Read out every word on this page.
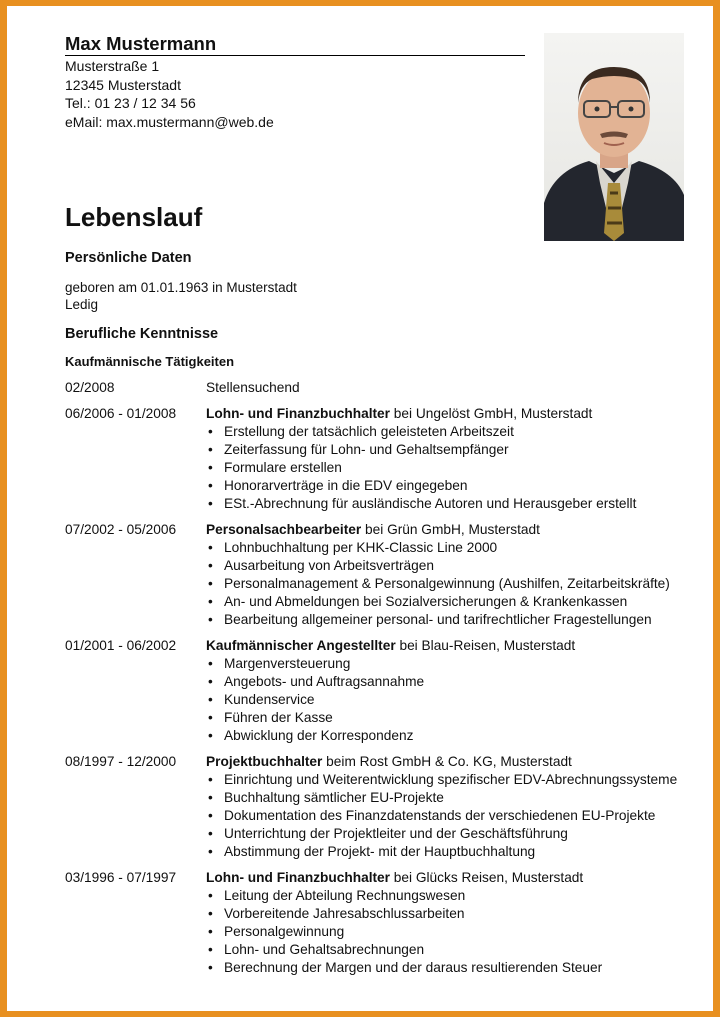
Max Mustermann
Musterstraße 1
12345 Musterstadt
Tel.: 01 23 / 12 34 56
eMail: max.mustermann@web.de
Lebenslauf
Persönliche Daten
geboren am 01.01.1963 in Musterstadt
Ledig
Berufliche Kenntnisse
Kaufmännische Tätigkeiten
02/2008	Stellensuchend
06/2006 - 01/2008 Lohn- und Finanzbuchhalter bei Ungelöst GmbH, Musterstadt
• Erstellung der tatsächlich geleisteten Arbeitszeit
• Zeiterfassung für Lohn- und Gehaltsempfänger
• Formulare erstellen
• Honorarverträge in die EDV eingegeben
• ESt.-Abrechnung für ausländische Autoren und Herausgeber erstellt
07/2002 - 05/2006 Personalsachbearbeiter bei Grün GmbH, Musterstadt
• Lohnbuchhaltung per KHK-Classic Line 2000
• Ausarbeitung von Arbeitsverträgen
• Personalmanagement & Personalgewinnung (Aushilfen, Zeitarbeitskräfte)
• An- und Abmeldungen bei Sozialversicherungen & Krankenkassen
• Bearbeitung allgemeiner personal- und tarifrechtlicher Fragestellungen
01/2001 - 06/2002 Kaufmännischer Angestellter bei Blau-Reisen, Musterstadt
• Margenversteuerung
• Angebots- und Auftragsannahme
• Kundenservice
• Führen der Kasse
• Abwicklung der Korrespondenz
08/1997 - 12/2000 Projektbuchhalter beim Rost GmbH & Co. KG, Musterstadt
• Einrichtung und Weiterentwicklung spezifischer EDV-Abrechnungssysteme
• Buchhaltung sämtlicher EU-Projekte
• Dokumentation des Finanzdatenstands der verschiedenen EU-Projekte
• Unterrichtung der Projektleiter und der Geschäftsführung
• Abstimmung der Projekt- mit der Hauptbuchhaltung
03/1996 - 07/1997 Lohn- und Finanzbuchhalter bei Glücks Reisen, Musterstadt
• Leitung der Abteilung Rechnungswesen
• Vorbereitende Jahresabschlussarbeiten
• Personalgewinnung
• Lohn- und Gehaltsabrechnungen
• Berechnung der Margen und der daraus resultierenden Steuer
